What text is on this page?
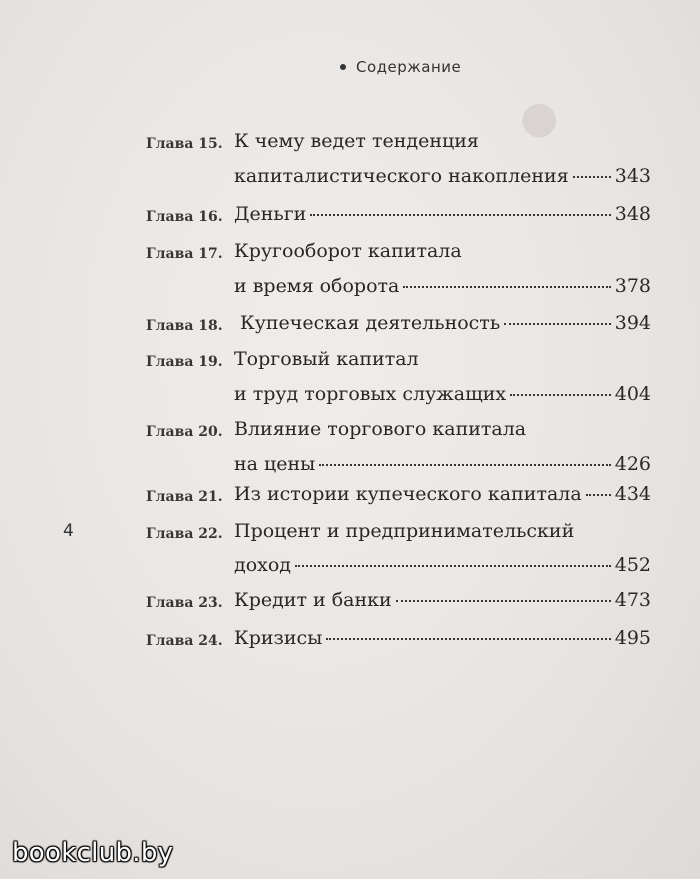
●
Содержание
Глава 15. К чему ведет тенденция
капиталистического накопления 343
Глава 16. Деньги	348
Глава 17. Кругооборот капитала
и время оборота	378
Глава 18. Купеческая деятельность	394
Глава 19. Торговый капитал
и труд торговых служащих	404
Глава 20. Влияние торгового капитала
на цены	426
Глава 21. Из истории купеческого капитала 434
Глава 22. Процент и предпринимательский
доход	452
Глава 23. Кредит и банки	473
Глава 24. Кризисы	495
4
bookclub.by
